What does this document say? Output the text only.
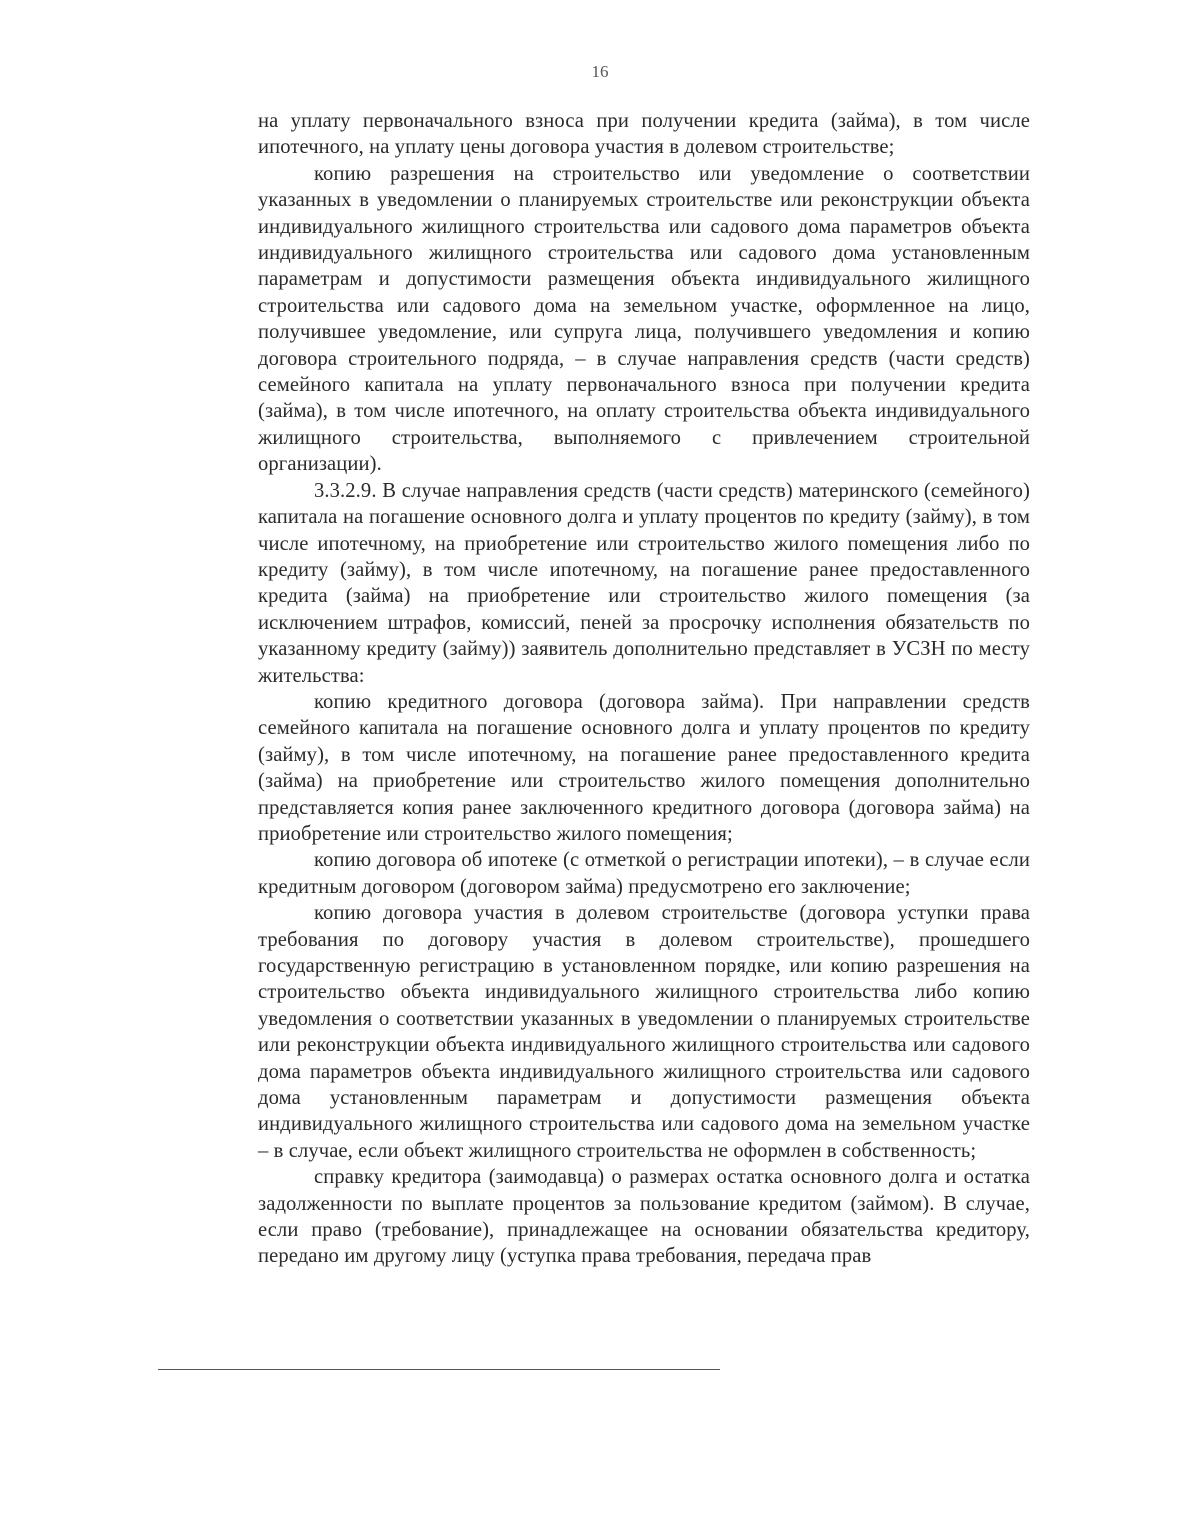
16

на уплату первоначального взноса при получении кредита (займа), в том числе ипотечного, на уплату цены договора участия в долевом строительстве;

копию разрешения на строительство или уведомление о соответствии указанных в уведомлении о планируемых строительстве или реконструкции объекта индивидуального жилищного строительства или садового дома параметров объекта индивидуального жилищного строительства или садового дома установленным параметрам и допустимости размещения объекта индивидуального жилищного строительства или садового дома на земельном участке, оформленное на лицо, получившее уведомление, или супруга лица, получившего уведомления и копию договора строительного подряда, – в случае направления средств (части средств) семейного капитала на уплату первоначального взноса при получении кредита (займа), в том числе ипотечного, на оплату строительства объекта индивидуального жилищного строительства, выполняемого с привлечением строительной организации).

3.3.2.9. В случае направления средств (части средств) материнского (семейного) капитала на погашение основного долга и уплату процентов по кредиту (займу), в том числе ипотечному, на приобретение или строительство жилого помещения либо по кредиту (займу), в том числе ипотечному, на погашение ранее предоставленного кредита (займа) на приобретение или строительство жилого помещения (за исключением штрафов, комиссий, пеней за просрочку исполнения обязательств по указанному кредиту (займу)) заявитель дополнительно представляет в УСЗН по месту жительства:

копию кредитного договора (договора займа). При направлении средств семейного капитала на погашение основного долга и уплату процентов по кредиту (займу), в том числе ипотечному, на погашение ранее предоставленного кредита (займа) на приобретение или строительство жилого помещения дополнительно представляется копия ранее заключенного кредитного договора (договора займа) на приобретение или строительство жилого помещения;

копию договора об ипотеке (с отметкой о регистрации ипотеки), – в случае если кредитным договором (договором займа) предусмотрено его заключение;

копию договора участия в долевом строительстве (договора уступки права требования по договору участия в долевом строительстве), прошедшего государственную регистрацию в установленном порядке, или копию разрешения на строительство объекта индивидуального жилищного строительства либо копию уведомления о соответствии указанных в уведомлении о планируемых строительстве или реконструкции объекта индивидуального жилищного строительства или садового дома параметров объекта индивидуального жилищного строительства или садового дома установленным параметрам и допустимости размещения объекта индивидуального жилищного строительства или садового дома на земельном участке – в случае, если объект жилищного строительства не оформлен в собственность;

справку кредитора (заимодавца) о размерах остатка основного долга и остатка задолженности по выплате процентов за пользование кредитом (займом). В случае, если право (требование), принадлежащее на основании обязательства кредитору, передано им другому лицу (уступка права требования, передача прав
